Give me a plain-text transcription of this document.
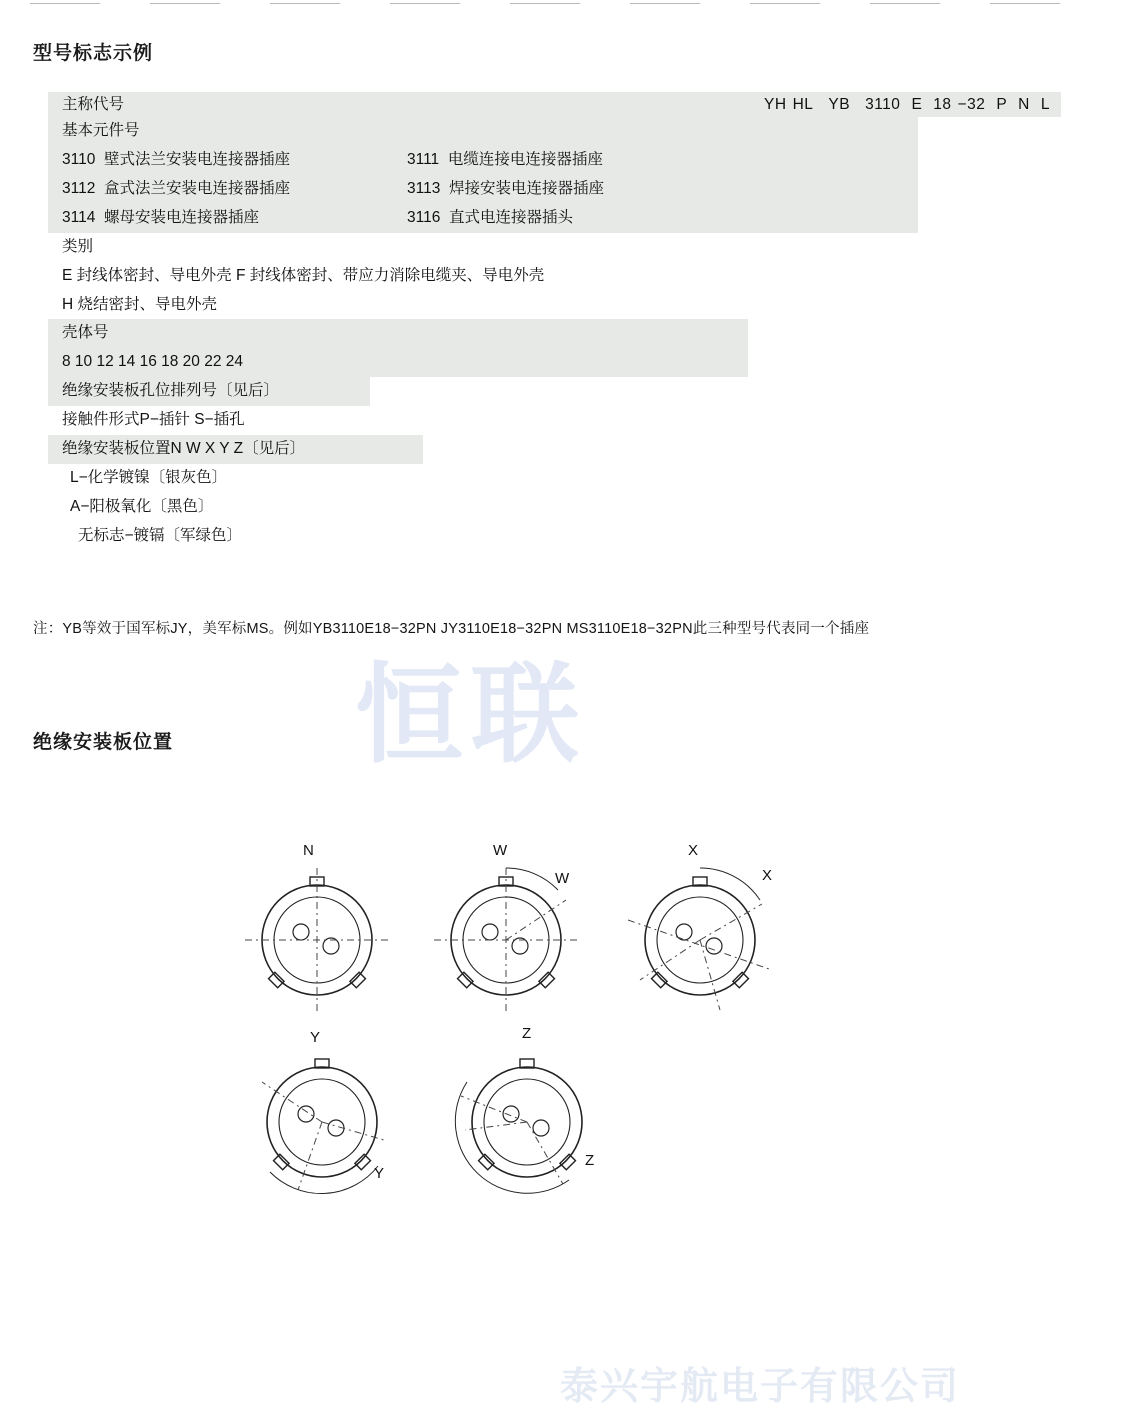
型号标志示例
主称代号	YH HL YB 3110 E 18 −32 P N L
基本元件号
3110 壁式法兰安装电连接器插座	3111 电缆连接电连接器插座
3112 盒式法兰安装电连接器插座	3113 焊接安装电连接器插座
3114 螺母安装电连接器插座	3116 直式电连接器插头
类别
E 封线体密封、导电外壳 F 封线体密封、带应力消除电缆夹、导电外壳
H 烧结密封、导电外壳
壳体号
8 10 12 14 16 18 20 22 24
绝缘安装板孔位排列号〔见后〕
接触件形式P−插针 S−插孔
绝缘安装板位置N W X Y Z〔见后〕
L−化学镀镍〔银灰色〕
A−阳极氧化〔黑色〕
无标志−镀镉〔军绿色〕
注：YB等效于国军标JY，美军标MS。例如YB3110E18−32PN JY3110E18−32PN MS3110E18−32PN此三种型号代表同一个插座
恒联
绝缘安装板位置
N	W
W
X
X
Y
Y
Z
Z
泰兴宇航电子有限公司
